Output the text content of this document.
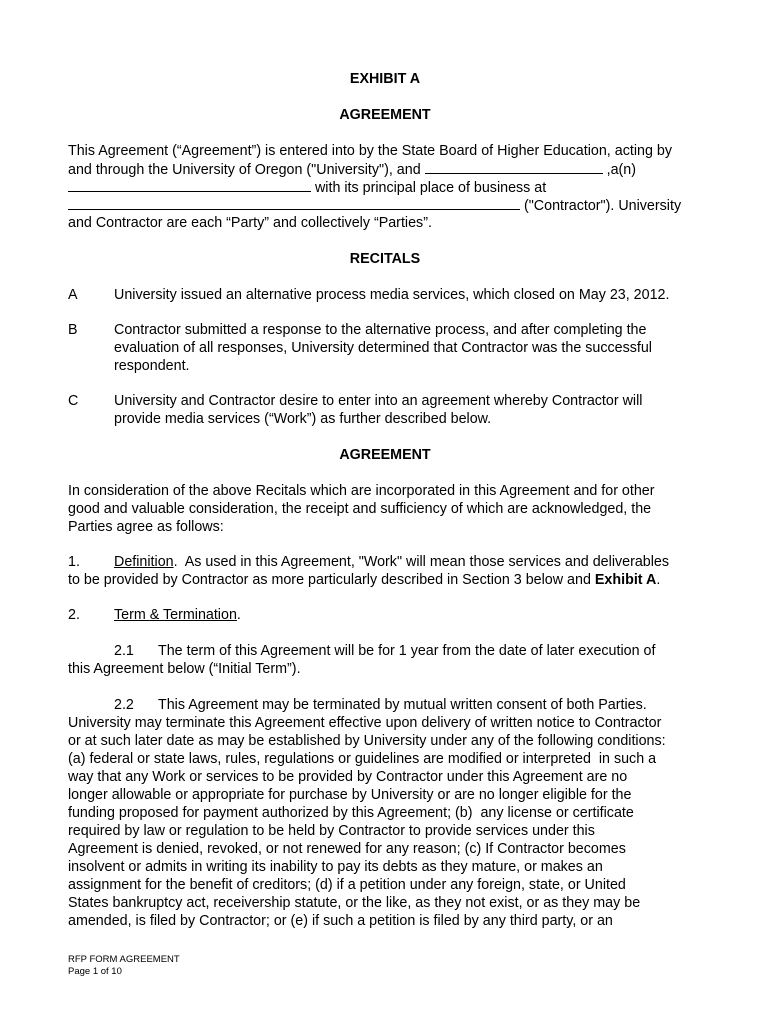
EXHIBIT A
AGREEMENT
This Agreement (“Agreement”) is entered into by the State Board of Higher Education, acting by
and through the University of Oregon ("University"), and	,a(n)
with its principal place of business at
("Contractor"). University
and Contractor are each “Party” and collectively “Parties”.
RECITALS
A	University issued an alternative process media services, which closed on May 23, 2012.
B	Contractor submitted a response to the alternative process, and after completing the
evaluation of all responses, University determined that Contractor was the successful
respondent.
C University and Contractor desire to enter into an agreement whereby Contractor will
provide media services (“Work”) as further described below.
AGREEMENT
In consideration of the above Recitals which are incorporated in this Agreement and for other
good and valuable consideration, the receipt and sufficiency of which are acknowledged, the
Parties agree as follows:
1. Definition.  As used in this Agreement, "Work" will mean those services and deliverables
to be provided by Contractor as more particularly described in Section 3 below and Exhibit A.
2. Term & Termination.
2.1 The term of this Agreement will be for 1 year from the date of later execution of
this Agreement below (“Initial Term”).
2.2 This Agreement may be terminated by mutual written consent of both Parties.
University may terminate this Agreement effective upon delivery of written notice to Contractor
or at such later date as may be established by University under any of the following conditions:
(a) federal or state laws, rules, regulations or guidelines are modified or interpreted  in such a
way that any Work or services to be provided by Contractor under this Agreement are no
longer allowable or appropriate for purchase by University or are no longer eligible for the
funding proposed for payment authorized by this Agreement; (b)  any license or certificate
required by law or regulation to be held by Contractor to provide services under this
Agreement is denied, revoked, or not renewed for any reason; (c) If Contractor becomes
insolvent or admits in writing its inability to pay its debts as they mature, or makes an
assignment for the benefit of creditors; (d) if a petition under any foreign, state, or United
States bankruptcy act, receivership statute, or the like, as they not exist, or as they may be
amended, is filed by Contractor; or (e) if such a petition is filed by any third party, or an
RFP FORM AGREEMENT
Page 1 of 10
